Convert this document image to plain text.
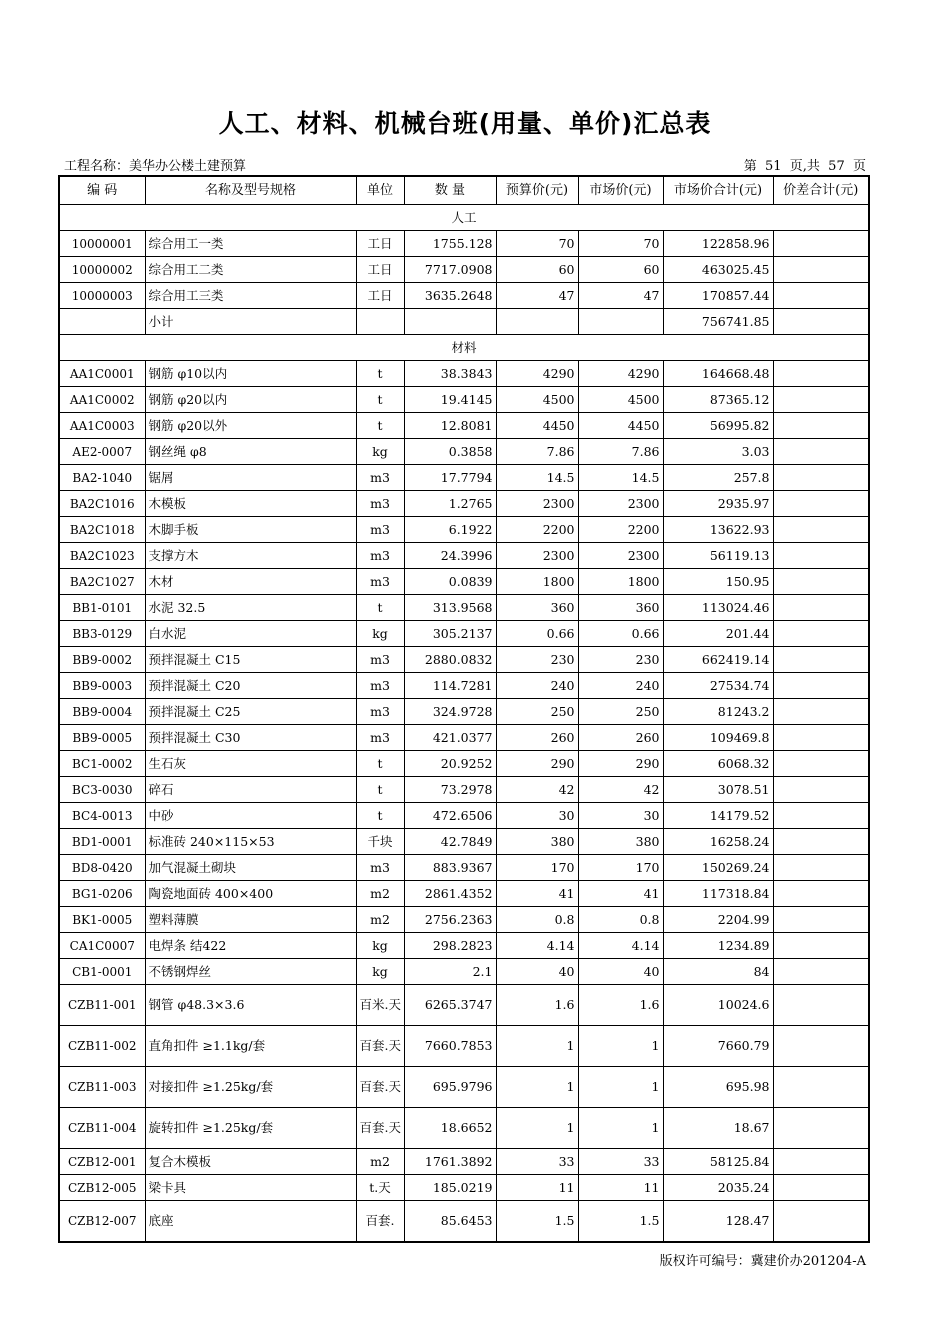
人工、材料、机械台班(用量、单价)汇总表
工程名称：美华办公楼土建预算	第  51  页,共  57  页
编 码	名称及型号规格	单位	数 量	预算价(元)	市场价(元)	市场价合计(元)	价差合计(元)
人工							
10000001	综合用工一类	工日	1755.128	70	70	122858.96	
10000002	综合用工二类	工日	7717.0908	60	60	463025.45	
10000003	综合用工三类	工日	3635.2648	47	47	170857.44	
	小计					756741.85	
材料							
AA1C0001	钢筋 φ10以内	t	38.3843	4290	4290	164668.48	
AA1C0002	钢筋 φ20以内	t	19.4145	4500	4500	87365.12	
AA1C0003	钢筋 φ20以外	t	12.8081	4450	4450	56995.82	
AE2-0007	钢丝绳 φ8	kg	0.3858	7.86	7.86	3.03	
BA2-1040	锯屑	m3	17.7794	14.5	14.5	257.8	
BA2C1016	木模板	m3	1.2765	2300	2300	2935.97	
BA2C1018	木脚手板	m3	6.1922	2200	2200	13622.93	
BA2C1023	支撑方木	m3	24.3996	2300	2300	56119.13	
BA2C1027	木材	m3	0.0839	1800	1800	150.95	
BB1-0101	水泥 32.5	t	313.9568	360	360	113024.46	
BB3-0129	白水泥	kg	305.2137	0.66	0.66	201.44	
BB9-0002	预拌混凝土 C15	m3	2880.0832	230	230	662419.14	
BB9-0003	预拌混凝土 C20	m3	114.7281	240	240	27534.74	
BB9-0004	预拌混凝土 C25	m3	324.9728	250	250	81243.2	
BB9-0005	预拌混凝土 C30	m3	421.0377	260	260	109469.8	
BC1-0002	生石灰	t	20.9252	290	290	6068.32	
BC3-0030	碎石	t	73.2978	42	42	3078.51	
BC4-0013	中砂	t	472.6506	30	30	14179.52	
BD1-0001	标准砖 240×115×53	千块	42.7849	380	380	16258.24	
BD8-0420	加气混凝土砌块	m3	883.9367	170	170	150269.24	
BG1-0206	陶瓷地面砖 400×400	m2	2861.4352	41	41	117318.84	
BK1-0005	塑料薄膜	m2	2756.2363	0.8	0.8	2204.99	
CA1C0007	电焊条 结422	kg	298.2823	4.14	4.14	1234.89	
CB1-0001	不锈钢焊丝	kg	2.1	40	40	84	
CZB11-001	钢管 φ48.3×3.6	百米.天	6265.3747	1.6	1.6	10024.6	
CZB11-002	直角扣件 ≥1.1kg/套	百套.天	7660.7853	1	1	7660.79	
CZB11-003	对接扣件 ≥1.25kg/套	百套.天	695.9796	1	1	695.98	
CZB11-004	旋转扣件 ≥1.25kg/套	百套.天	18.6652	1	1	18.67	
CZB12-001	复合木模板	m2	1761.3892	33	33	58125.84	
CZB12-005	梁卡具	t.天	185.0219	11	11	2035.24	
CZB12-007	底座	百套.	85.6453	1.5	1.5	128.47	
版权许可编号：冀建价办201204-A
